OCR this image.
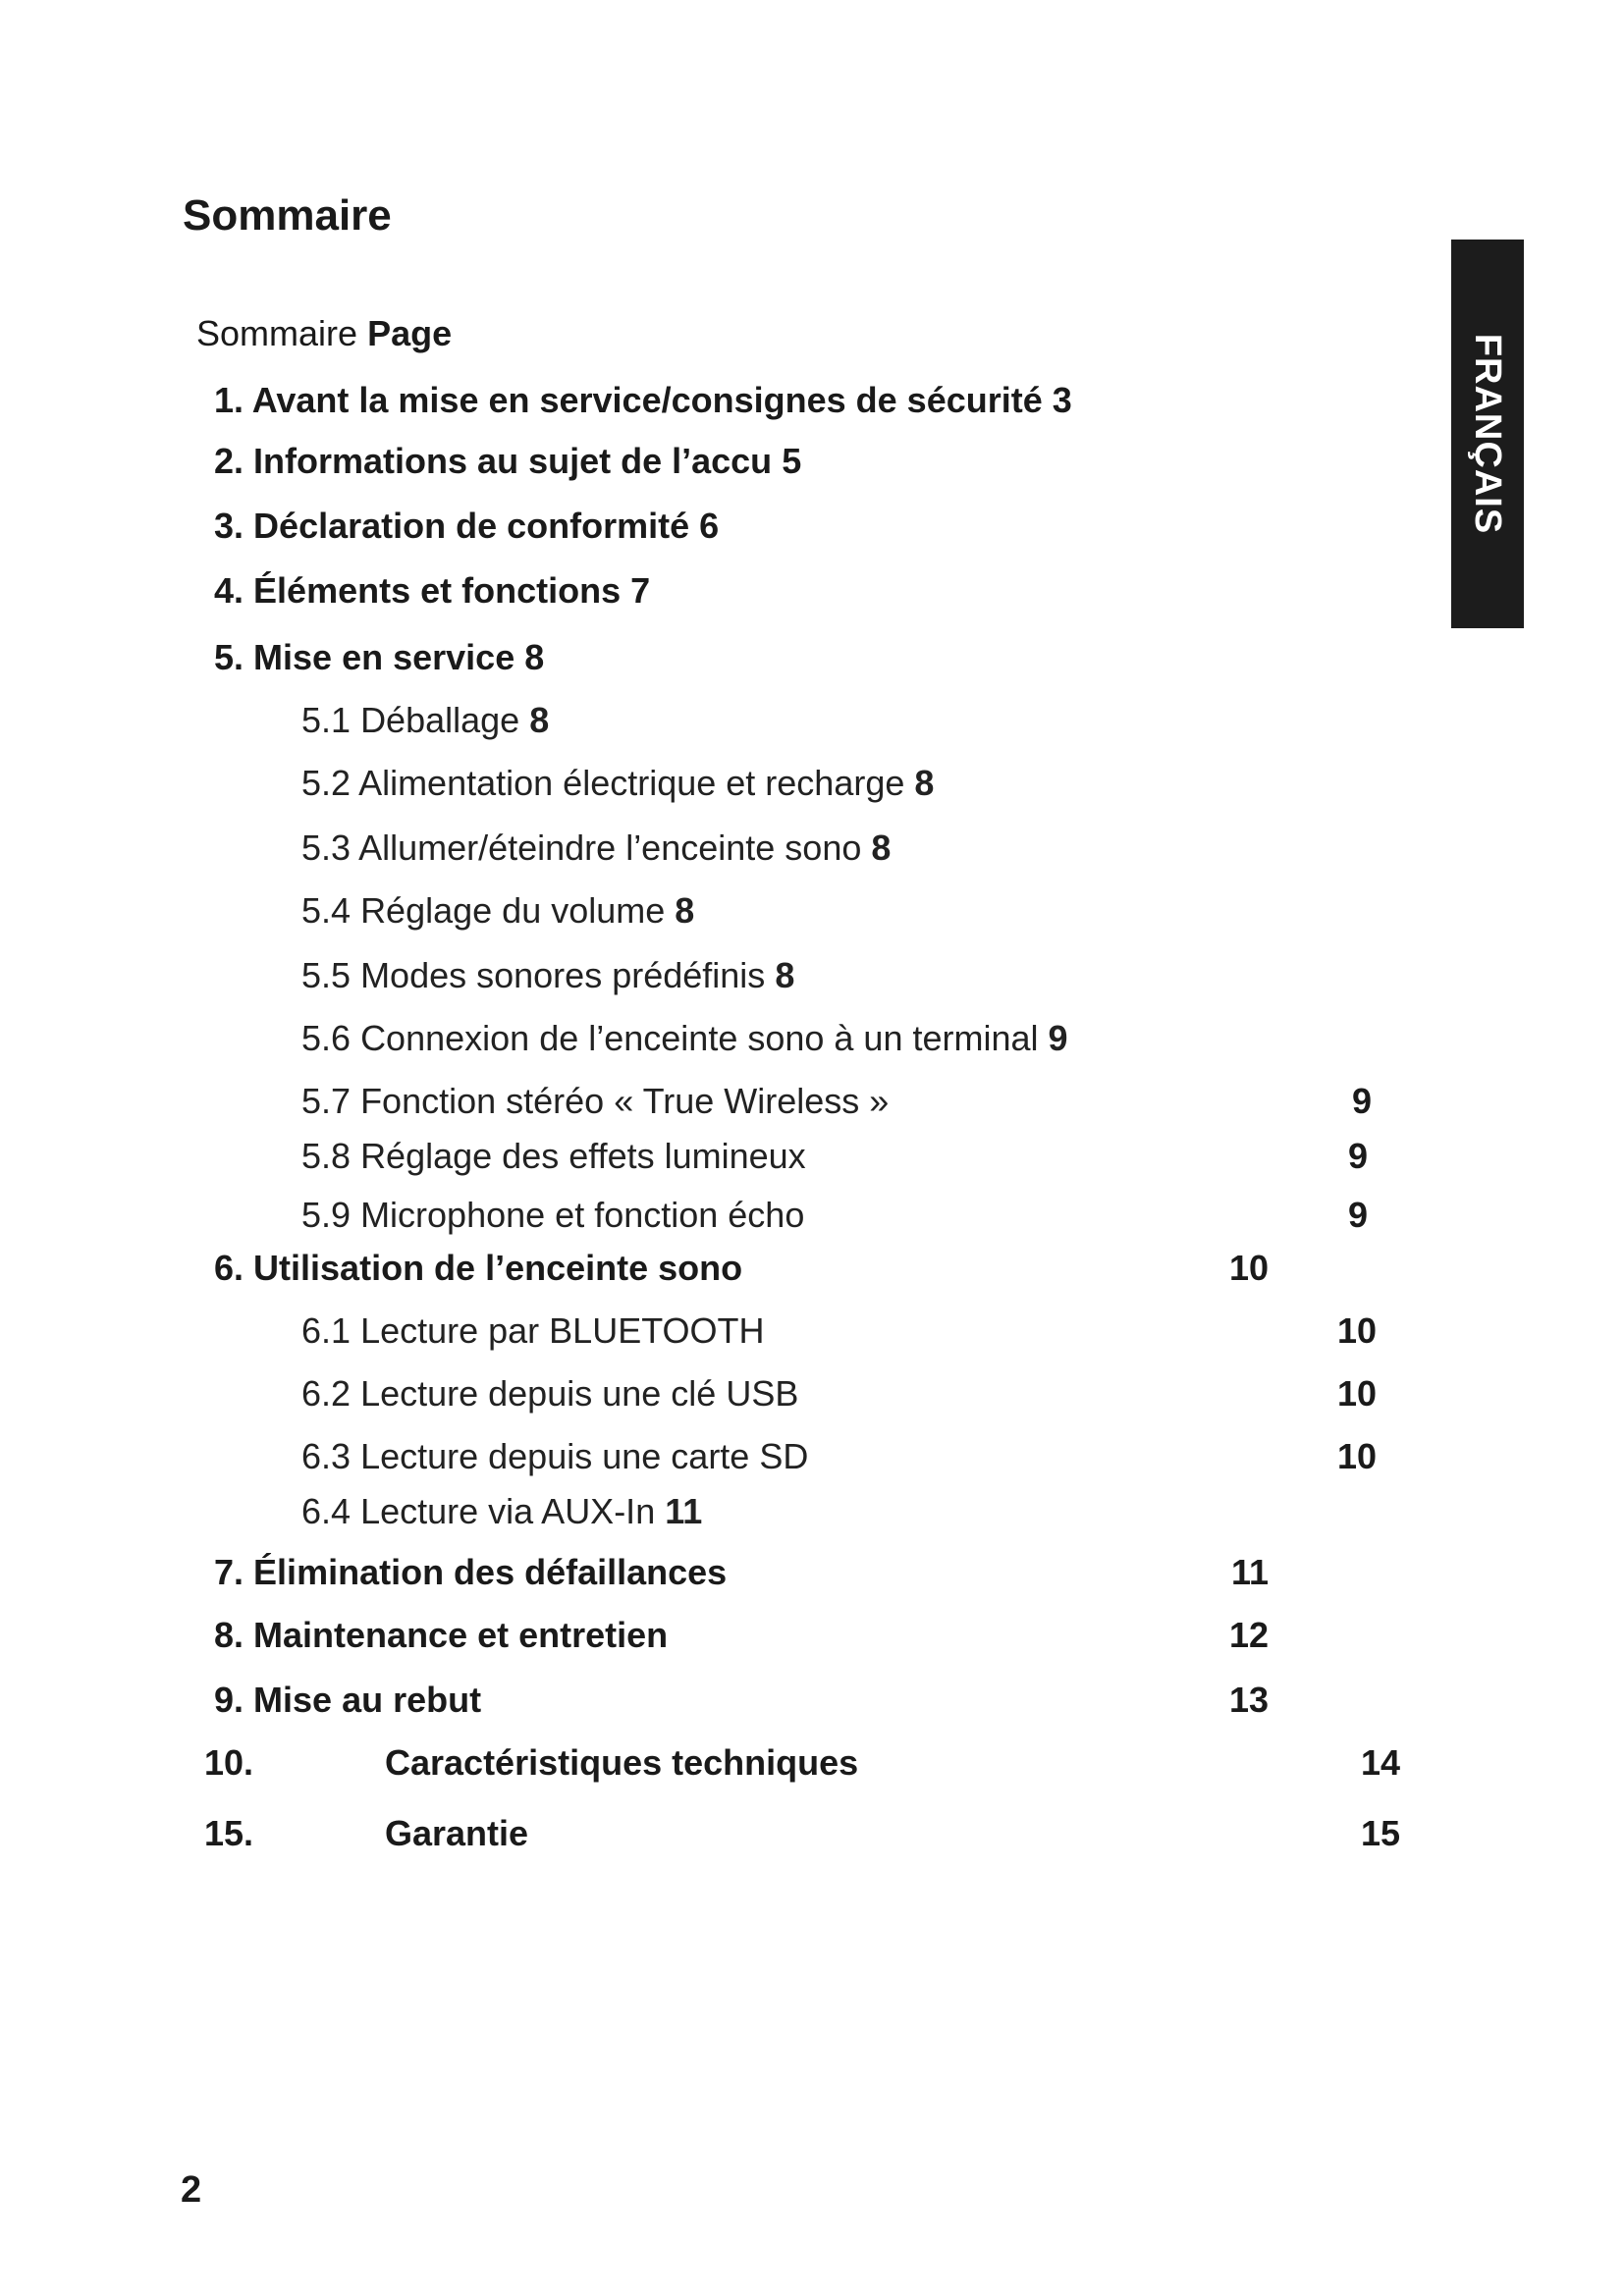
Sommaire
Sommaire Page
1. Avant la mise en service/consignes de sécurité 3
2. Informations au sujet de l’accu 5
3. Déclaration de conformité 6
4. Éléments et fonctions 7
5. Mise en service 8
5.1 Déballage 8
5.2 Alimentation électrique et recharge 8
5.3 Allumer/éteindre l’enceinte sono 8
5.4 Réglage du volume 8
5.5 Modes sonores prédéfinis 8
5.6 Connexion de l’enceinte sono à un terminal 9
5.7 Fonction stéréo « True Wireless »	9
5.8 Réglage des effets lumineux	9
5.9 Microphone et fonction écho	9
6. Utilisation de l’enceinte sono	10
6.1 Lecture par BLUETOOTH	10
6.2 Lecture depuis une clé USB	10
6.3 Lecture depuis une carte SD	10
6.4 Lecture via AUX-In 11
7. Élimination des défaillances	11
8. Maintenance et entretien	12
9. Mise au rebut	13
10.	Caractéristiques techniques	14
15.	Garantie	15
FRANÇAIS
2
